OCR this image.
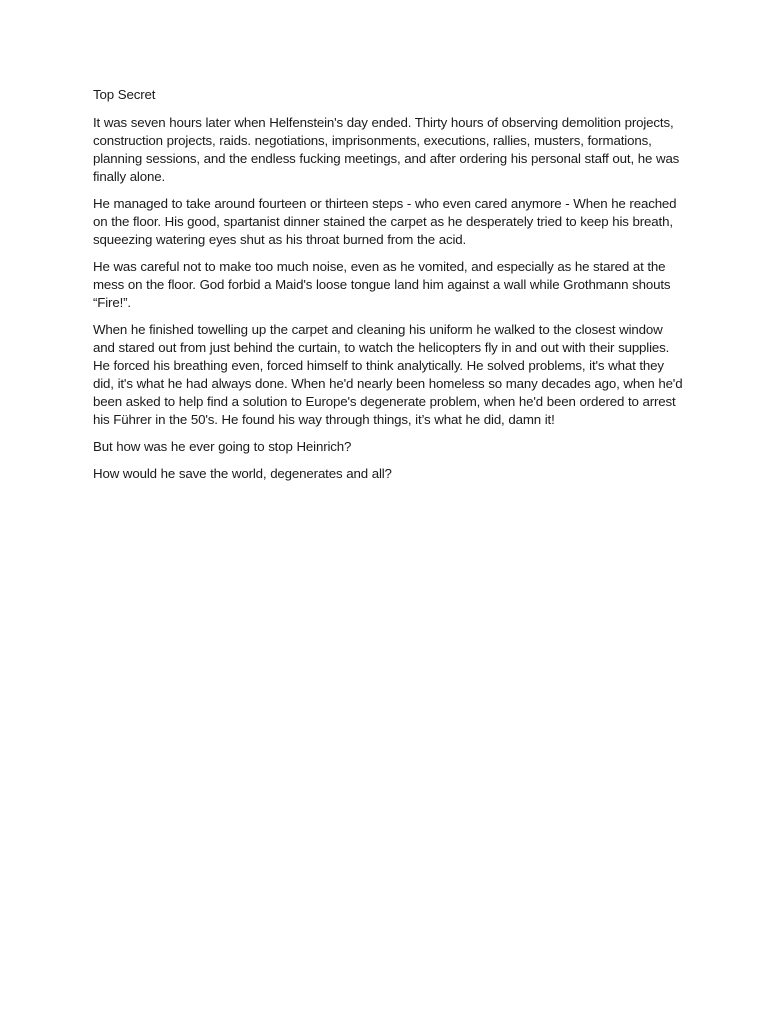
Top Secret

It was seven hours later when Helfenstein's day ended. Thirty hours of observing demolition projects, construction projects, raids. negotiations, imprisonments, executions, rallies, musters, formations, planning sessions, and the endless fucking meetings, and after ordering his personal staff out, he was finally alone.

He managed to take around fourteen or thirteen steps - who even cared anymore - When he reached on the floor. His good, spartanist dinner stained the carpet as he desperately tried to keep his breath, squeezing watering eyes shut as his throat burned from the acid.

He was careful not to make too much noise, even as he vomited, and especially as he stared at the mess on the floor. God forbid a Maid's loose tongue land him against a wall while Grothmann shouts “Fire!”.

When he finished towelling up the carpet and cleaning his uniform he walked to the closest window and stared out from just behind the curtain, to watch the helicopters fly in and out with their supplies. He forced his breathing even, forced himself to think analytically. He solved problems, it's what they did, it's what he had always done. When he'd nearly been homeless so many decades ago, when he'd been asked to help find a solution to Europe's degenerate problem, when he'd been ordered to arrest his Führer in the 50's. He found his way through things, it’s what he did, damn it!

But how was he ever going to stop Heinrich?

How would he save the world, degenerates and all?
